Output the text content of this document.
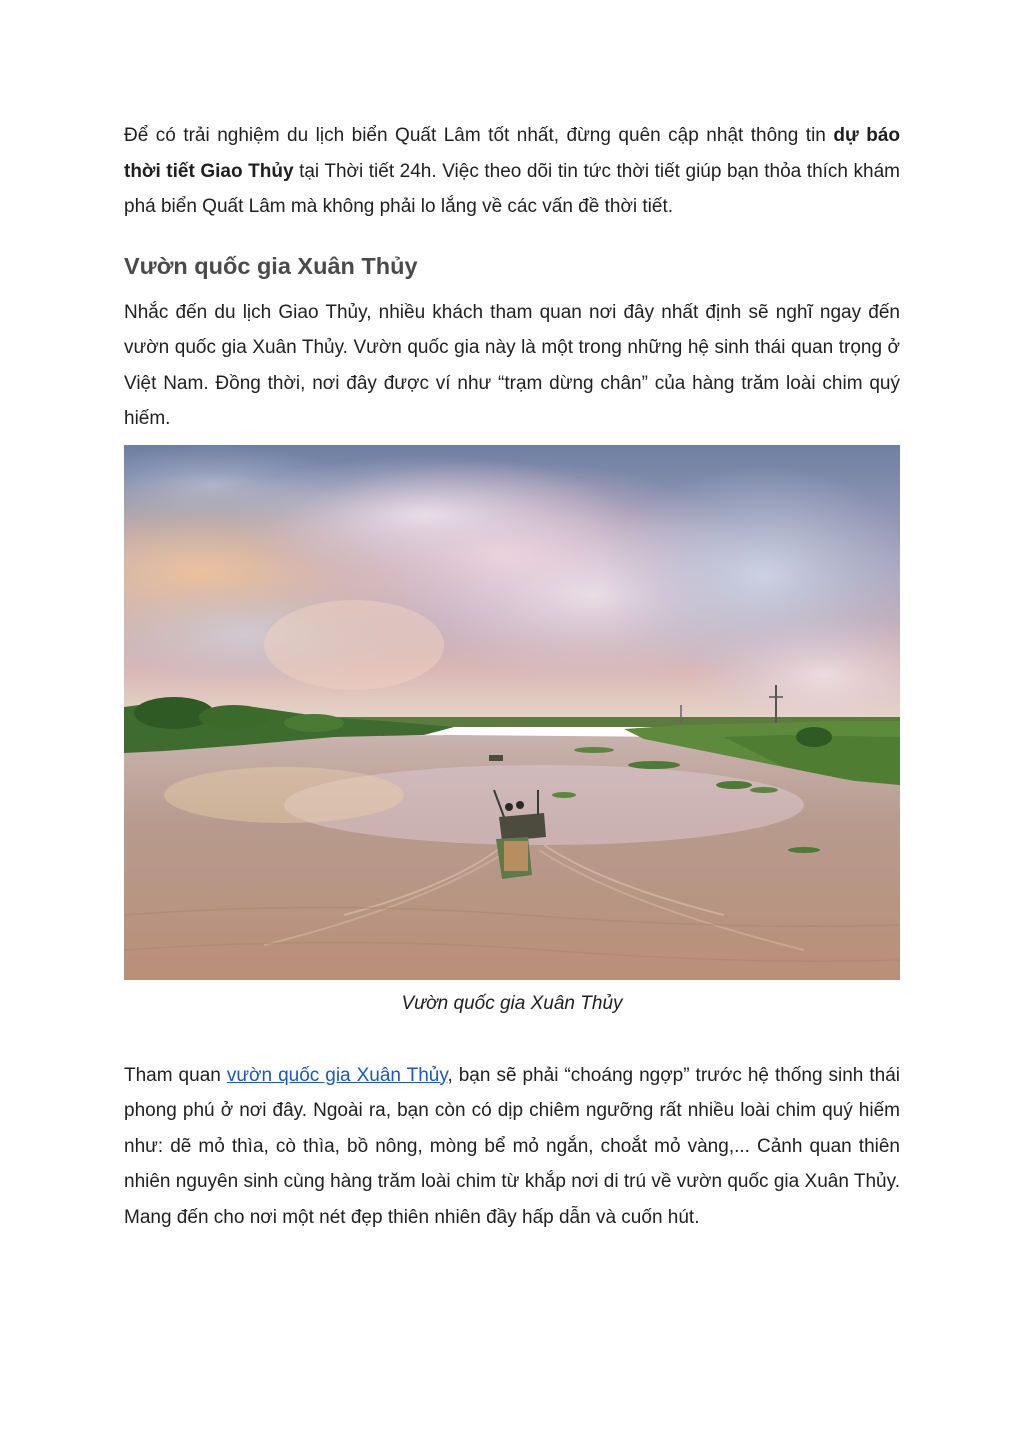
Để có trải nghiệm du lịch biển Quất Lâm tốt nhất, đừng quên cập nhật thông tin dự báo thời tiết Giao Thủy tại Thời tiết 24h. Việc theo dõi tin tức thời tiết giúp bạn thỏa thích khám phá biển Quất Lâm mà không phải lo lắng về các vấn đề thời tiết.

Vườn quốc gia Xuân Thủy

Nhắc đến du lịch Giao Thủy, nhiều khách tham quan nơi đây nhất định sẽ nghĩ ngay đến vườn quốc gia Xuân Thủy. Vườn quốc gia này là một trong những hệ sinh thái quan trọng ở Việt Nam. Đồng thời, nơi đây được ví như “trạm dừng chân” của hàng trăm loài chim quý hiếm.

Vườn quốc gia Xuân Thủy

Tham quan vườn quốc gia Xuân Thủy, bạn sẽ phải “choáng ngợp” trước hệ thống sinh thái phong phú ở nơi đây. Ngoài ra, bạn còn có dịp chiêm ngưỡng rất nhiều loài chim quý hiếm như: dẽ mỏ thìa, cò thìa, bồ nông, mòng bể mỏ ngắn, choắt mỏ vàng,... Cảnh quan thiên nhiên nguyên sinh cùng hàng trăm loài chim từ khắp nơi di trú về vườn quốc gia Xuân Thủy. Mang đến cho nơi một nét đẹp thiên nhiên đầy hấp dẫn và cuốn hút.
